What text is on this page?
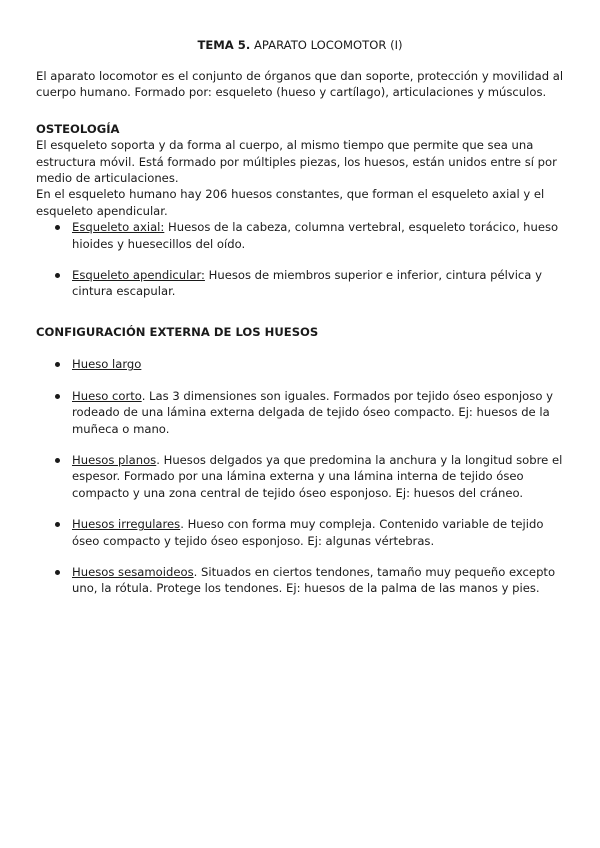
TEMA 5. APARATO LOCOMOTOR (I)

El aparato locomotor es el conjunto de órganos que dan soporte, protección y movilidad al cuerpo humano. Formado por: esqueleto (hueso y cartílago), articulaciones y músculos.

OSTEOLOGÍA

El esqueleto soporta y da forma al cuerpo, al mismo tiempo que permite que sea una estructura móvil. Está formado por múltiples piezas, los huesos, están unidos entre sí por medio de articulaciones.

En el esqueleto humano hay 206 huesos constantes, que forman el esqueleto axial y el esqueleto apendicular.

Esqueleto axial: Huesos de la cabeza, columna vertebral, esqueleto torácico, hueso hioides y huesecillos del oído.
Esqueleto apendicular: Huesos de miembros superior e inferior, cintura pélvica y cintura escapular.

CONFIGURACIÓN EXTERNA DE LOS HUESOS

Hueso largo
Hueso corto. Las 3 dimensiones son iguales. Formados por tejido óseo esponjoso y rodeado de una lámina externa delgada de tejido óseo compacto. Ej: huesos de la muñeca o mano.
Huesos planos. Huesos delgados ya que predomina la anchura y la longitud sobre el espesor. Formado por una lámina externa y una lámina interna de tejido óseo compacto y una zona central de tejido óseo esponjoso. Ej: huesos del cráneo.
Huesos irregulares. Hueso con forma muy compleja. Contenido variable de tejido óseo compacto y tejido óseo esponjoso. Ej: algunas vértebras.
Huesos sesamoideos. Situados en ciertos tendones, tamaño muy pequeño excepto uno, la rótula. Protege los tendones. Ej: huesos de la palma de las manos y pies.
